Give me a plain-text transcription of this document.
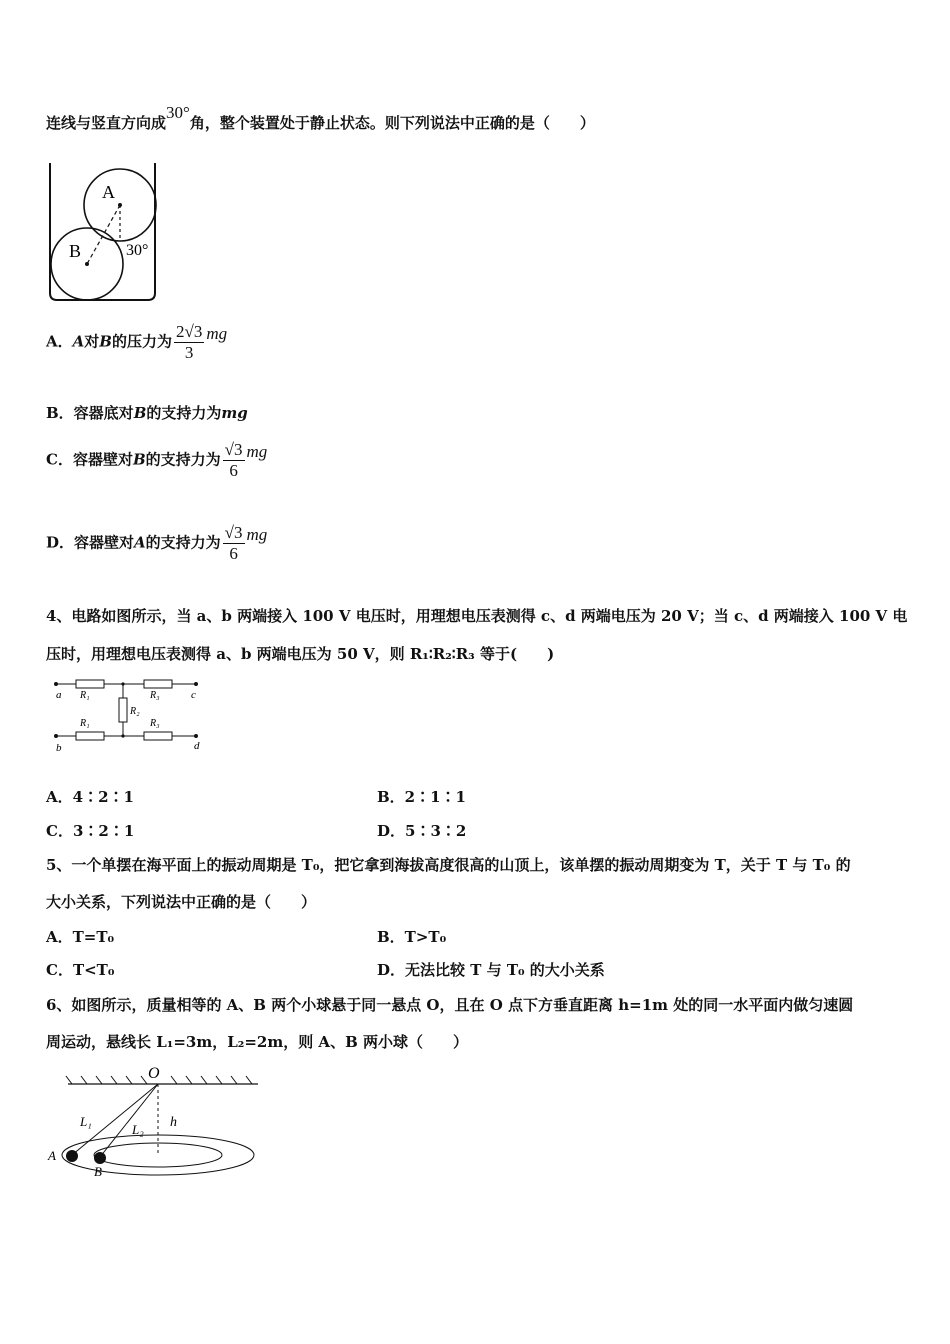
连线与竖直方向成30°角，整个装置处于静止状态。则下列说法中正确的是（　　）
A
B	30°
A．A对B的压力为 $\frac{2√3}{3}$ mg
B．容器底对B的支持力为mg
C．容器壁对B的支持力为 $\frac{√3}{6}$ mg
D．容器壁对A的支持力为 $\frac{√3}{6}$ mg
4、电路如图所示，当 a、b 两端接入 100 V 电压时，用理想电压表测得 c、d 两端电压为 20 V；当 c、d 两端接入 100 V 电
压时，用理想电压表测得 a、b 两端电压为 50 V，则 R₁∶R₂∶R₃ 等于(　　)
a	c
b	d
R₁	R₃
R₂
R₁	R₃
A．4∶2∶1	B．2∶1∶1
C．3∶2∶1	D．5∶3∶2
5、一个单摆在海平面上的振动周期是 T₀，把它拿到海拔高度很高的山顶上，该单摆的振动周期变为 T，关于 T 与 T₀ 的
大小关系，下列说法中正确的是（　　）
A．T=T₀	B．T>T₀
C．T<T₀	D．无法比较 T 与 T₀ 的大小关系
6、如图所示，质量相等的 A、B 两个小球悬于同一悬点 O，且在 O 点下方垂直距离 h=1m 处的同一水平面内做匀速圆
周运动，悬线长 L₁=3m，L₂=2m，则 A、B 两小球（　　）
O
L₁
L₂ h
A
B
